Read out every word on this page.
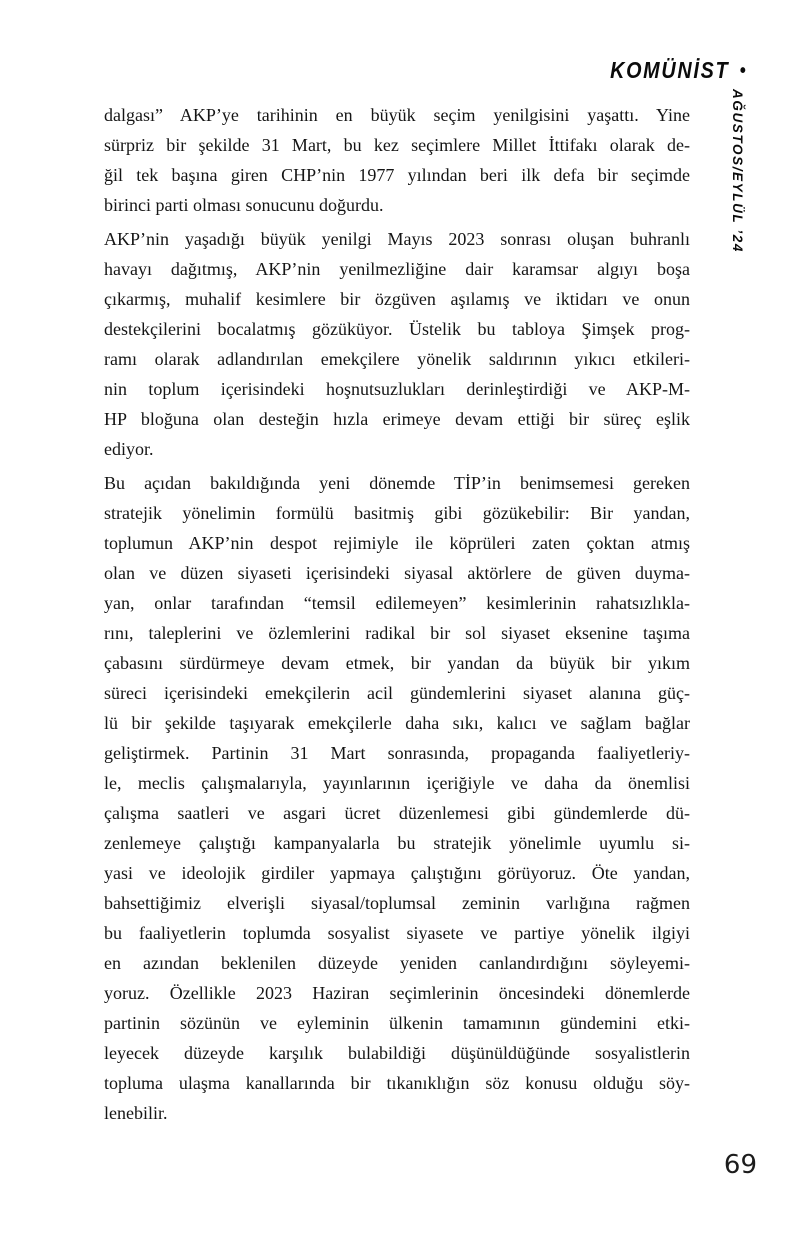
KOMÜNİST •
AĞUSTOS/EYLÜL ’24
dalgası” AKP’ye tarihinin en büyük seçim yenilgisini yaşattı. Yine
sürpriz bir şekilde 31 Mart, bu kez seçimlere Millet İttifakı olarak de-
ğil tek başına giren CHP’nin 1977 yılından beri ilk defa bir seçimde
birinci parti olması sonucunu doğurdu.
AKP’nin yaşadığı büyük yenilgi Mayıs 2023 sonrası oluşan buhranlı
havayı dağıtmış, AKP’nin yenilmezliğine dair karamsar algıyı boşa
çıkarmış, muhalif kesimlere bir özgüven aşılamış ve iktidarı ve onun
destekçilerini bocalatmış gözüküyor. Üstelik bu tabloya Şimşek prog-
ramı olarak adlandırılan emekçilere yönelik saldırının yıkıcı etkileri-
nin toplum içerisindeki hoşnutsuzlukları derinleştirdiği ve AKP-M-
HP bloğuna olan desteğin hızla erimeye devam ettiği bir süreç eşlik
ediyor.
Bu açıdan bakıldığında yeni dönemde TİP’in benimsemesi gereken
stratejik yönelimin formülü basitmiş gibi gözükebilir: Bir yandan,
toplumun AKP’nin despot rejimiyle ile köprüleri zaten çoktan atmış
olan ve düzen siyaseti içerisindeki siyasal aktörlere de güven duyma-
yan, onlar tarafından “temsil edilemeyen” kesimlerinin rahatsızlıkla-
rını, taleplerini ve özlemlerini radikal bir sol siyaset eksenine taşıma
çabasını sürdürmeye devam etmek, bir yandan da büyük bir yıkım
süreci içerisindeki emekçilerin acil gündemlerini siyaset alanına güç-
lü bir şekilde taşıyarak emekçilerle daha sıkı, kalıcı ve sağlam bağlar
geliştirmek. Partinin 31 Mart sonrasında, propaganda faaliyetleriy-
le, meclis çalışmalarıyla, yayınlarının içeriğiyle ve daha da önemlisi
çalışma saatleri ve asgari ücret düzenlemesi gibi gündemlerde dü-
zenlemeye çalıştığı kampanyalarla bu stratejik yönelimle uyumlu si-
yasi ve ideolojik girdiler yapmaya çalıştığını görüyoruz. Öte yandan,
bahsettiğimiz elverişli siyasal/toplumsal zeminin varlığına rağmen
bu faaliyetlerin toplumda sosyalist siyasete ve partiye yönelik ilgiyi
en azından beklenilen düzeyde yeniden canlandırdığını söyleyemi-
yoruz. Özellikle 2023 Haziran seçimlerinin öncesindeki dönemlerde
partinin sözünün ve eyleminin ülkenin tamamının gündemini etki-
leyecek düzeyde karşılık bulabildiği düşünüldüğünde sosyalistlerin
topluma ulaşma kanallarında bir tıkanıklığın söz konusu olduğu söy-
lenebilir.
69
